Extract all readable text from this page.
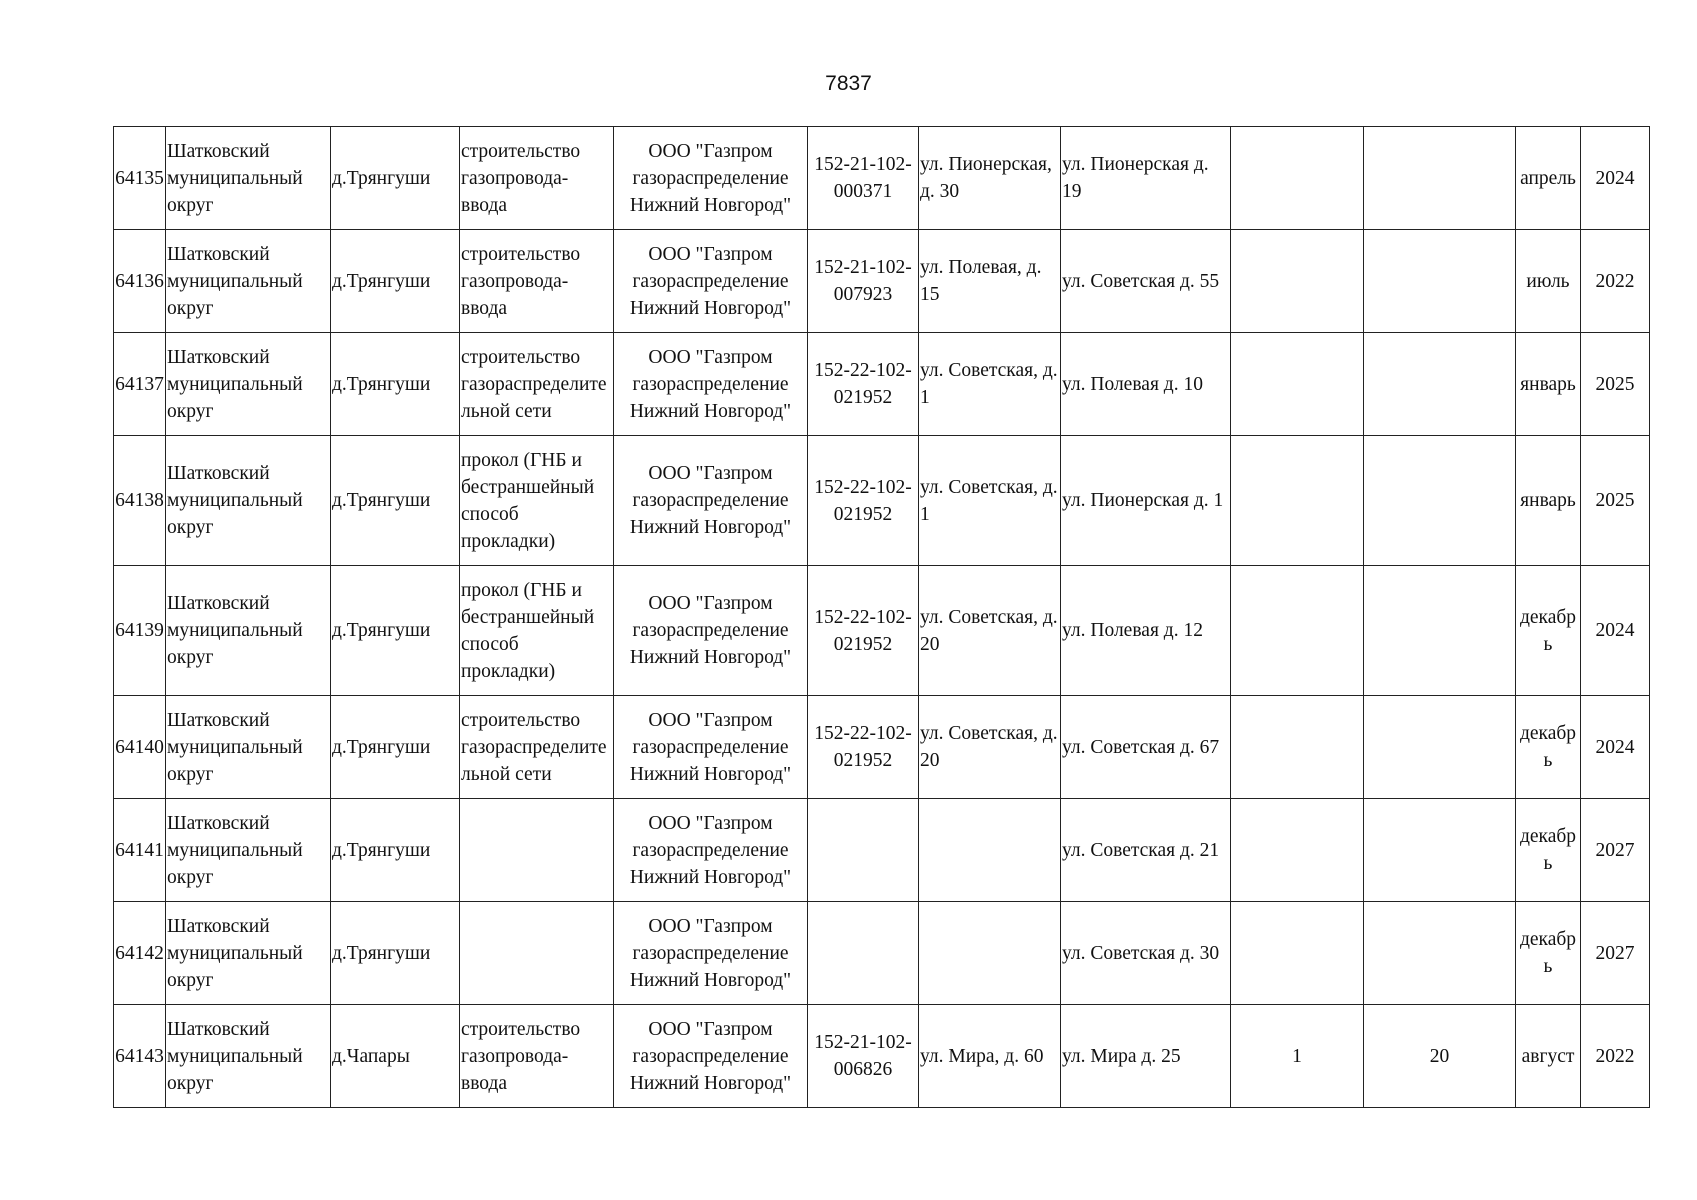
7837
64135	Шатковский муниципальный округ	д.Трянгуши	строительство газопровода-ввода	ООО "Газпром газораспределение Нижний Новгород"	152-21-102-000371	ул. Пионерская, д. 30	ул. Пионерская д. 19			апрель	2024
64136	Шатковский муниципальный округ	д.Трянгуши	строительство газопровода-ввода	ООО "Газпром газораспределение Нижний Новгород"	152-21-102-007923	ул. Полевая, д. 15	ул. Советская д. 55			июль	2022
64137	Шатковский муниципальный округ	д.Трянгуши	строительство газораспределительной сети	ООО "Газпром газораспределение Нижний Новгород"	152-22-102-021952	ул. Советская, д. 1	ул. Полевая д. 10			январь	2025
64138	Шатковский муниципальный округ	д.Трянгуши	прокол (ГНБ и бестраншейный способ прокладки)	ООО "Газпром газораспределение Нижний Новгород"	152-22-102-021952	ул. Советская, д. 1	ул. Пионерская д. 1			январь	2025
64139	Шатковский муниципальный округ	д.Трянгуши	прокол (ГНБ и бестраншейный способ прокладки)	ООО "Газпром газораспределение Нижний Новгород"	152-22-102-021952	ул. Советская, д. 20	ул. Полевая д. 12			декабрь	2024
64140	Шатковский муниципальный округ	д.Трянгуши	строительство газораспределительной сети	ООО "Газпром газораспределение Нижний Новгород"	152-22-102-021952	ул. Советская, д. 20	ул. Советская д. 67			декабрь	2024
64141	Шатковский муниципальный округ	д.Трянгуши		ООО "Газпром газораспределение Нижний Новгород"			ул. Советская д. 21			декабрь	2027
64142	Шатковский муниципальный округ	д.Трянгуши		ООО "Газпром газораспределение Нижний Новгород"			ул. Советская д. 30			декабрь	2027
64143	Шатковский муниципальный округ	д.Чапары	строительство газопровода-ввода	ООО "Газпром газораспределение Нижний Новгород"	152-21-102-006826	ул. Мира, д. 60	ул. Мира д. 25	1	20	август	2022
